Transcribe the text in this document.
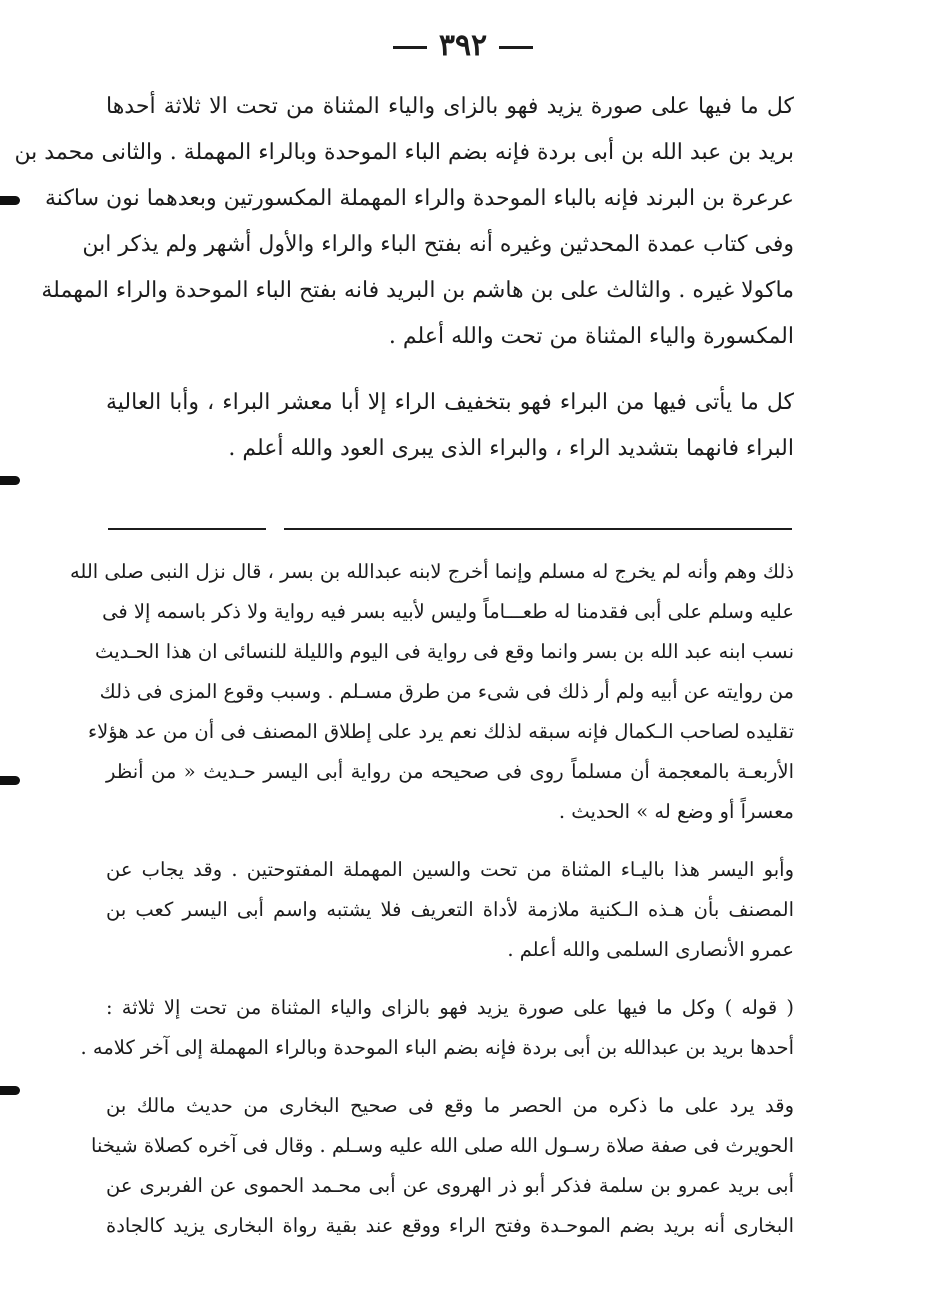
٣٩٢
كل ما فيها على صورة يزيد فهو بالزاى والياء المثناة من تحت الا ثلاثة أحدها
بريد بن عبد الله بن أبى بردة فإنه بضم الباء الموحدة وبالراء المهملة . والثانى محمد بن
عرعرة بن البرند فإنه بالباء الموحدة والراء المهملة المكسورتين وبعدهما نون ساكنة
وفى كتاب عمدة المحدثين وغيره أنه بفتح الباء والراء والأول أشهر ولم يذكر ابن
ماكولا غيره . والثالث على بن هاشم بن البريد فانه بفتح الباء الموحدة والراء المهملة
المكسورة والياء المثناة من تحت والله أعلم .
كل ما يأتى فيها من البراء فهو بتخفيف الراء إلا أبا معشر البراء ، وأبا العالية
البراء فانهما بتشديد الراء ، والبراء الذى يبرى العود والله أعلم .
ذلك وهم وأنه لم يخرج له مسلم وإنما أخرج لابنه عبدالله بن بسر ، قال نزل النبى صلى الله
عليه وسلم على أبى فقدمنا له طعـــاماً وليس لأبيه بسر فيه رواية ولا ذكر باسمه إلا فى
نسب ابنه عبد الله بن بسر وانما وقع فى رواية فى اليوم والليلة للنسائى ان هذا الحـديث
من روايته عن أبيه ولم أر ذلك فى شىء من طرق مسـلم . وسبب وقوع المزى فى ذلك
تقليده لصاحب الـكمال فإنه سبقه لذلك نعم يرد على إطلاق المصنف فى أن من عد هؤلاء
الأربعـة بالمعجمة أن مسلماً روى فى صحيحه من رواية أبى اليسر حـديث « من أنظر
معسراً أو وضع له » الحديث .
وأبو اليسر هذا باليـاء المثناة من تحت والسين المهملة المفتوحتين . وقد يجاب عن
المصنف بأن هـذه الـكنية ملازمة لأداة التعريف فلا يشتبه واسم أبى اليسر كعب بن
عمرو الأنصارى السلمى والله أعلم .
( قوله ) وكل ما فيها على صورة يزيد فهو بالزاى والياء المثناة من تحت إلا ثلاثة :
أحدها بريد بن عبدالله بن أبى بردة فإنه بضم الباء الموحدة وبالراء المهملة إلى آخر كلامه .
وقد يرد على ما ذكره من الحصر ما وقع فى صحيح البخارى من حديث مالك بن
الحويرث فى صفة صلاة رسـول الله صلى الله عليه وسـلم . وقال فى آخره كصلاة شيخنا
أبى بريد عمرو بن سلمة فذكر أبو ذر الهروى عن أبى محـمد الحموى عن الفربرى عن
البخارى أنه بريد بضم الموحـدة وفتح الراء ووقع عند بقية رواة البخارى يزيد كالجادة
